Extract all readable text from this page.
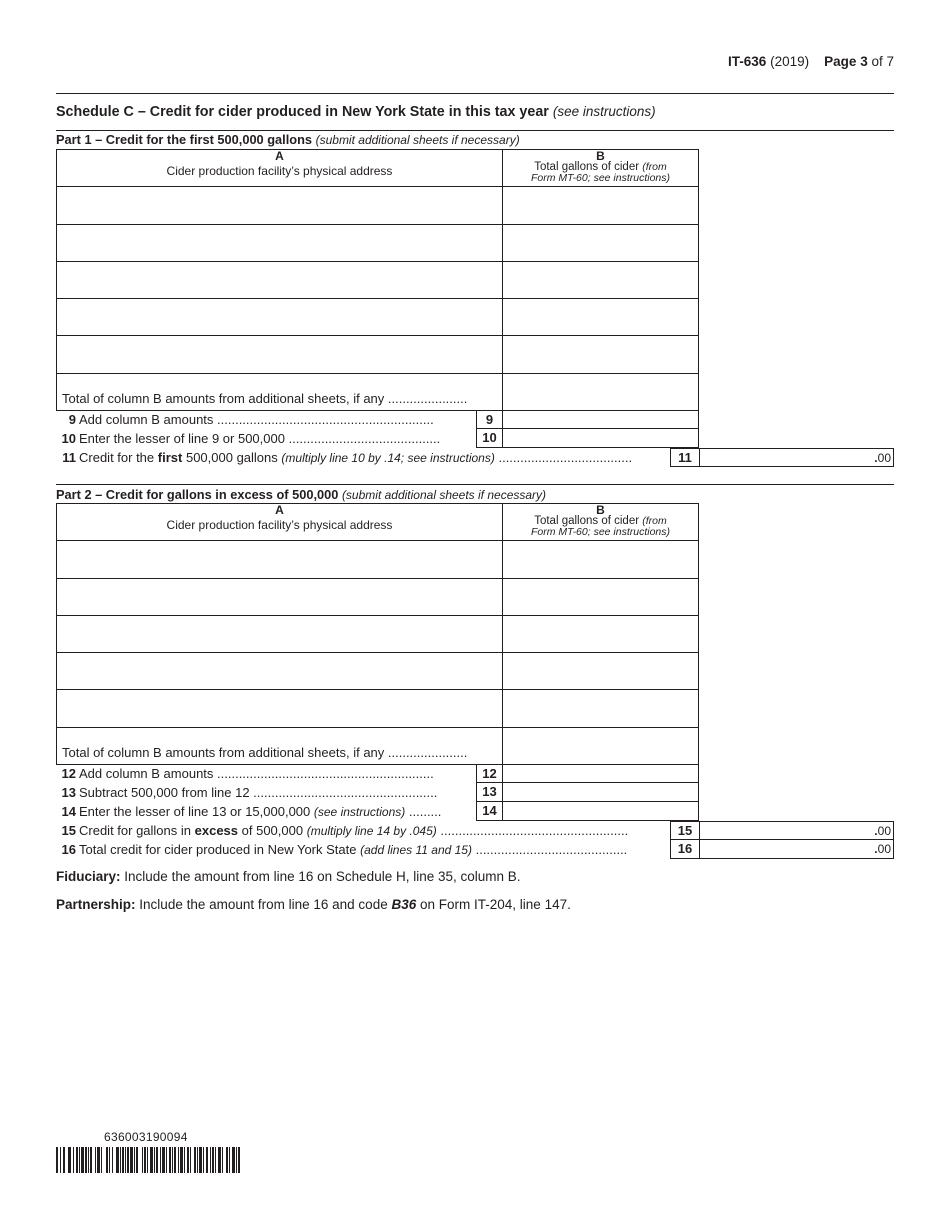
IT-636 (2019) Page 3 of 7
Schedule C – Credit for cider produced in New York State in this tax year (see instructions)
Part 1 – Credit for the first 500,000 gallons (submit additional sheets if necessary)
A
Cider production facility’s physical address
B
Total gallons of cider (from
Form MT-60; see instructions)
Total of column B amounts from additional sheets, if any ......................
9 Add column B amounts ............................................................	9
10 Enter the lesser of line 9 or 500,000 ..........................................	10
11 Credit for the first 500,000 gallons (multiply line 10 by .14; see instructions) .....................................	11	.00
Part 2 – Credit for gallons in excess of 500,000 (submit additional sheets if necessary)
A
Cider production facility’s physical address
B
Total gallons of cider (from
Form MT-60; see instructions)
Total of column B amounts from additional sheets, if any ......................
12 Add column B amounts ............................................................	12
13 Subtract 500,000 from line 12 ...................................................	13
14 Enter the lesser of line 13 or 15,000,000 (see instructions) .........	14
15 Credit for gallons in excess of 500,000 (multiply line 14 by .045) ....................................................	15	.00
16 Total credit for cider produced in New York State (add lines 11 and 15) ..........................................	16	.00
Fiduciary: Include the amount from line 16 on Schedule H, line 35, column B.
Partnership: Include the amount from line 16 and code B36 on Form IT-204, line 147.
636003190094
